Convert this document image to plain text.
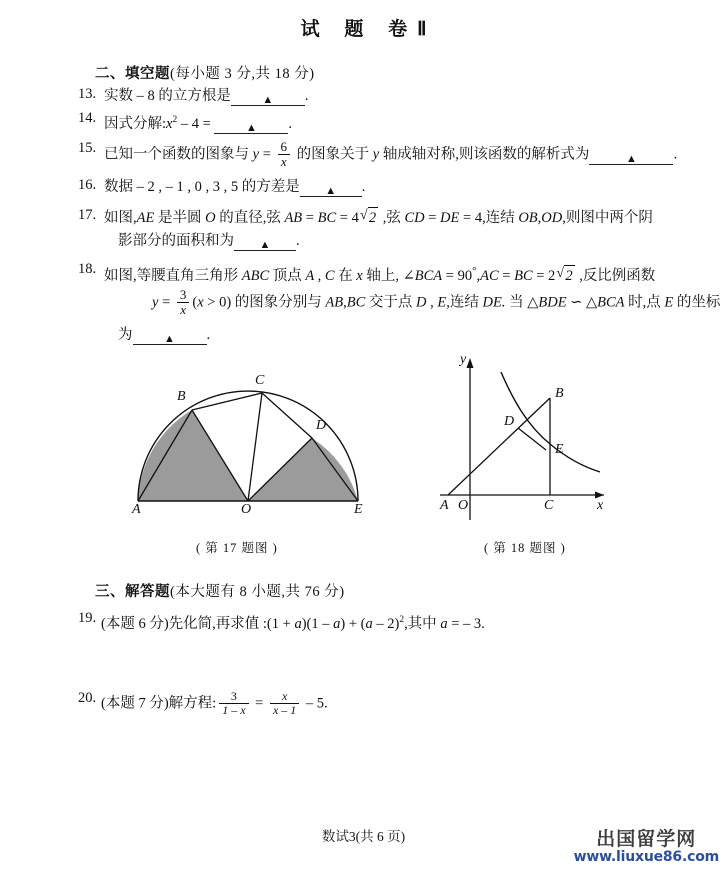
试 题 卷Ⅱ
二、填空题(每小题 3 分,共 18 分)
13. 实数 – 8 的立方根是 ▲	.
14. 因式分解$:x^2 - 4$ = ▲	.
15. 已知一个函数的图象与 $y = \frac{6}{x}$ 的图象关于 y 轴成轴对称,则该函数的解析式为 ▲	.
16. 数据 – 2 , – 1 , 0 , 3 , 5 的方差是 ▲	.
17. 如图,AE 是半圆 O 的直径,弦 AB = BC = 4 √ 2 ,弦 CD = DE = 4,连结 OB,OD,则图中两个阴
影部分的面积和为 ▲	.
18. 如图,等腰直角三角形 ABC 顶点 A , C 在 x 轴上, ∠BCA = 90°,AC = BC = 2 √ 2 ,反比例函数
$y = \frac{3}{x} (x > 0)$ 的图象分别与 AB,BC 交于点 D , E,连结 DE. 当 △BDE ∽ △BCA 时,点 E 的坐标
为 ▲	.
A
B
C
D
O	E
( 第 17 题图 )
A O	C
B
D
E
y
x
( 第 18 题图 )
三、解答题(本大题有 8 小题,共 76 分)
19. (本题 6 分)先化简,再求值 :(1 + a)(1 – a) + (a – 2)$^2$,其中 a = – 3.
20. (本题 7 分)解方程: $\frac{3}{1 - x} = \frac{x}{x - 1} - 5$.
数试3(共 6 页)	出国留学网
www.liuxue86.com
